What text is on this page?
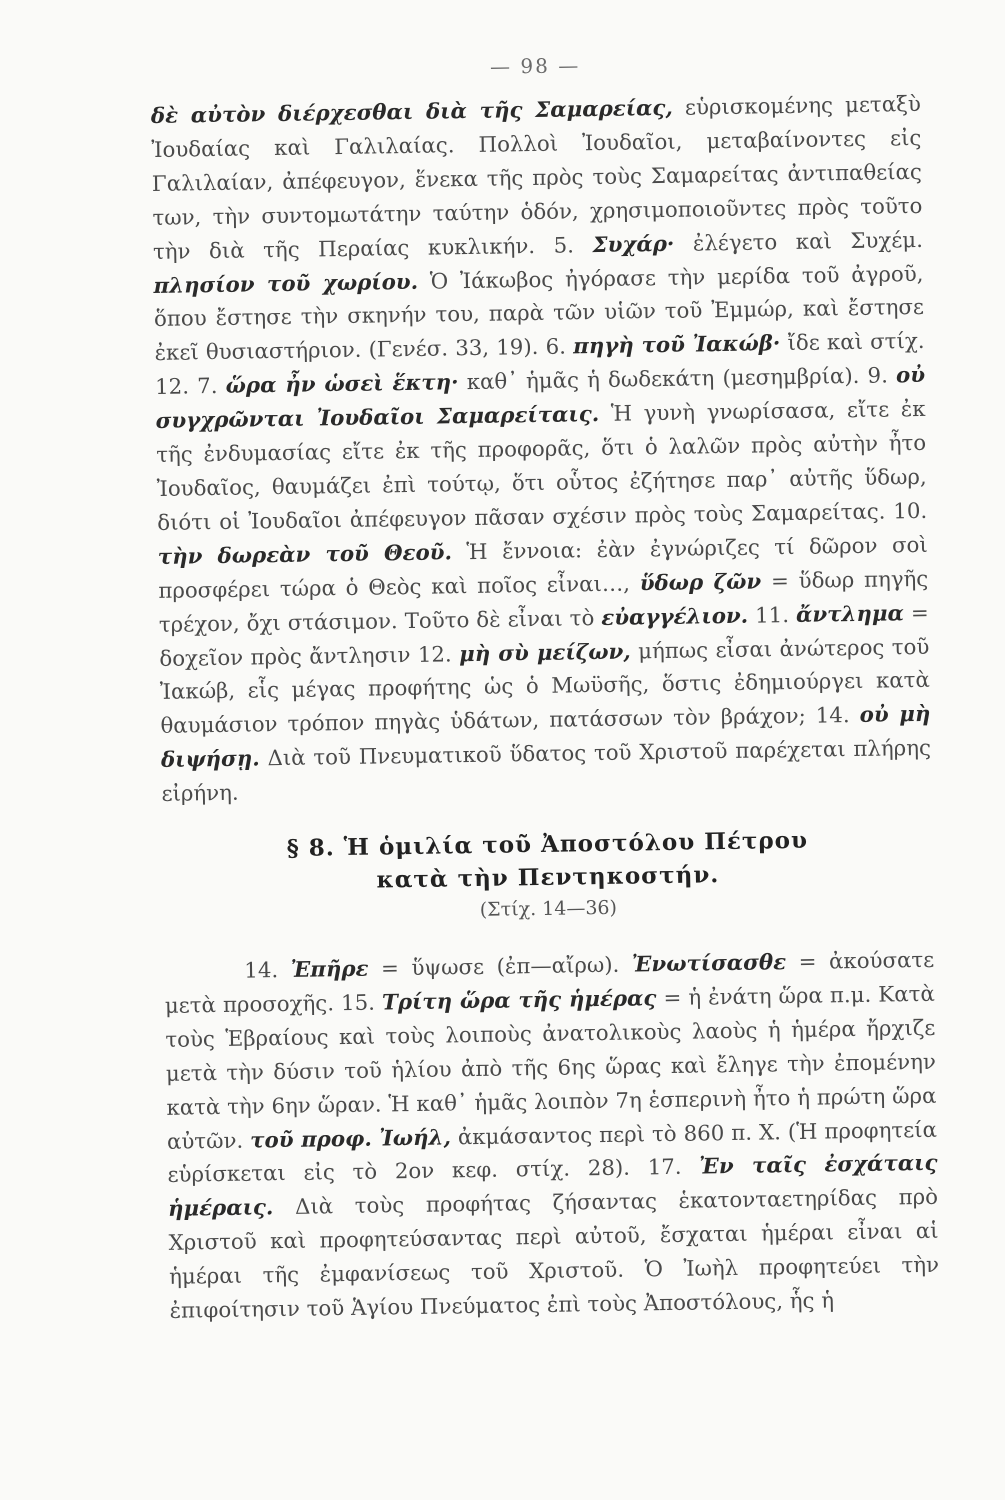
— 98 —

δὲ αὐτὸν διέρχεσθαι διὰ τῆς Σαμαρείας, εὑρισκομένης μεταξὺ Ἰουδαίας καὶ Γαλιλαίας. Πολλοὶ Ἰουδαῖοι, μεταβαίνοντες εἰς Γαλιλαίαν, ἀπέφευγον, ἕνεκα τῆς πρὸς τοὺς Σαμαρείτας ἀντιπαθείας των, τὴν συντομωτάτην ταύτην ὁδόν, χρησιμοποιοῦντες πρὸς τοῦτο τὴν διὰ τῆς Περαίας κυκλικήν. 5. Συχάρ· ἐλέγετο καὶ Συχέμ. πλησίον τοῦ χωρίου. Ὁ Ἰάκωβος ἠγόρασε τὴν μερίδα τοῦ ἀγροῦ, ὅπου ἔστησε τὴν σκηνήν του, παρὰ τῶν υἱῶν τοῦ Ἐμμώρ, καὶ ἔστησε ἐκεῖ θυσιαστήριον. (Γενέσ. 33, 19). 6. πηγὴ τοῦ Ἰακώβ· ἴδε καὶ στίχ. 12. 7. ὥρα ἦν ὡσεὶ ἕκτη· καθ᾽ ἡμᾶς ἡ δωδεκάτη (μεσημβρία). 9. οὐ συγχρῶνται Ἰουδαῖοι Σαμαρείταις. Ἡ γυνὴ γνωρίσασα, εἴτε ἐκ τῆς ἐνδυμασίας εἴτε ἐκ τῆς προφορᾶς, ὅτι ὁ λαλῶν πρὸς αὐτὴν ἦτο Ἰουδαῖος, θαυμάζει ἐπὶ τούτῳ, ὅτι οὗτος ἐζήτησε παρ᾽ αὐτῆς ὕδωρ, διότι οἱ Ἰουδαῖοι ἀπέφευγον πᾶσαν σχέσιν πρὸς τοὺς Σαμαρείτας. 10. τὴν δωρεὰν τοῦ Θεοῦ. Ἡ ἔννοια: ἐὰν ἐγνώριζες τί δῶρον σοὶ προσφέρει τώρα ὁ Θεὸς καὶ ποῖος εἶναι…, ὕδωρ ζῶν = ὕδωρ πηγῆς τρέχον, ὄχι στάσιμον. Τοῦτο δὲ εἶναι τὸ εὐαγγέλιον. 11. ἄντλημα = δοχεῖον πρὸς ἄντλησιν 12. μὴ σὺ μείζων, μήπως εἶσαι ἀνώτερος τοῦ Ἰακώβ, εἷς μέγας προφήτης ὡς ὁ Μωϋσῆς, ὅστις ἐδημιούργει κατὰ θαυμάσιον τρόπον πηγὰς ὑδάτων, πατάσσων τὸν βράχον; 14. οὐ μὴ διψήσῃ. Διὰ τοῦ Πνευματικοῦ ὕδατος τοῦ Χριστοῦ παρέχεται πλήρης εἰρήνη.

§ 8. Ἡ ὁμιλία τοῦ Ἀποστόλου Πέτρου
κατὰ τὴν Πεντηκοστήν.
(Στίχ. 14—36)

14. Ἐπῆρε = ὕψωσε (ἐπ—αἴρω). Ἐνωτίσασθε = ἀκούσατε μετὰ προσοχῆς. 15. Τρίτη ὥρα τῆς ἡμέρας = ἡ ἐνάτη ὥρα π.μ. Κατὰ τοὺς Ἑβραίους καὶ τοὺς λοιποὺς ἀνατολικοὺς λαοὺς ἡ ἡμέρα ἤρχιζε μετὰ τὴν δύσιν τοῦ ἡλίου ἀπὸ τῆς 6ης ὥρας καὶ ἔληγε τὴν ἐπομένην κατὰ τὴν 6ην ὥραν. Ἡ καθ᾽ ἡμᾶς λοιπὸν 7η ἑσπερινὴ ἦτο ἡ πρώτη ὥρα αὐτῶν. τοῦ προφ. Ἰωήλ, ἀκμάσαντος περὶ τὸ 860 π. Χ. (Ἡ προφητεία εὑρίσκεται εἰς τὸ 2ον κεφ. στίχ. 28). 17. Ἐν ταῖς ἐσχάταις ἡμέραις. Διὰ τοὺς προφήτας ζήσαντας ἑκατονταετηρίδας πρὸ Χριστοῦ καὶ προφητεύσαντας περὶ αὐτοῦ, ἔσχαται ἡμέραι εἶναι αἱ ἡμέραι τῆς ἐμφανίσεως τοῦ Χριστοῦ. Ὁ Ἰωὴλ προφητεύει τὴν ἐπιφοίτησιν τοῦ Ἁγίου Πνεύματος ἐπὶ τοὺς Ἀποστόλους, ἧς ἡ
